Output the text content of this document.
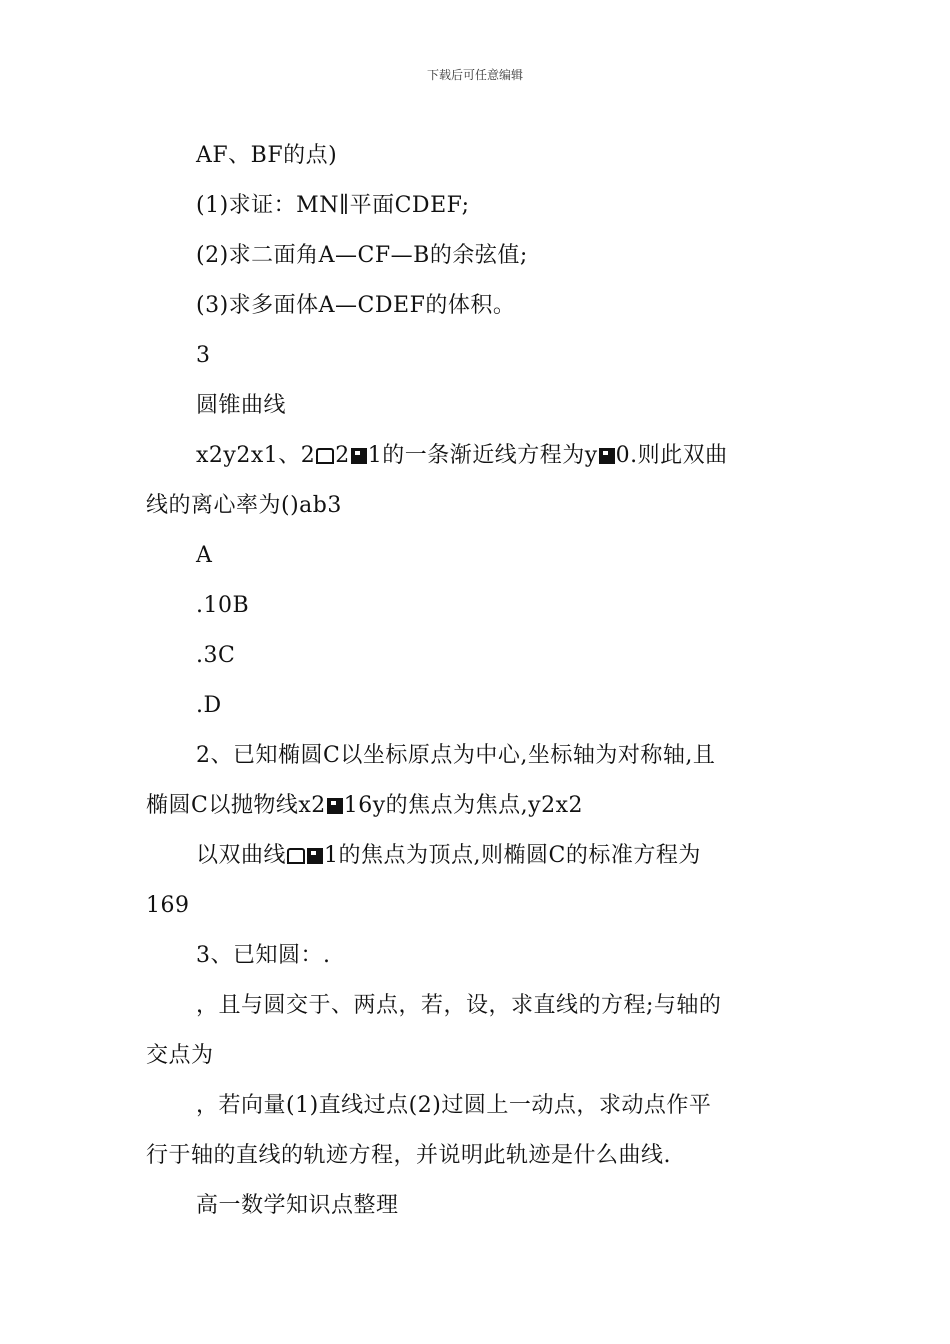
下载后可任意编辑
AF、BF的点)
(1)求证：MN∥平面CDEF;
(2)求二面角A—CF—B的余弦值;
(3)求多面体A—CDEF的体积。
3
圆锥曲线
x2y2x1、2 2 1的一条渐近线方程为y 0.则此双曲
线的离心率为()ab3
A
.10B
.3C
.D
2、已知椭圆C以坐标原点为中心,坐标轴为对称轴,且
椭圆C以抛物线x2 16y的焦点为焦点,y2x2
以双曲线 1的焦点为顶点,则椭圆C的标准方程为
169
3、已知圆：.
，且与圆交于、两点，若，设，求直线的方程;与轴的
交点为
，若向量(1)直线过点(2)过圆上一动点，求动点作平
行于轴的直线的轨迹方程，并说明此轨迹是什么曲线.
高一数学知识点整理
